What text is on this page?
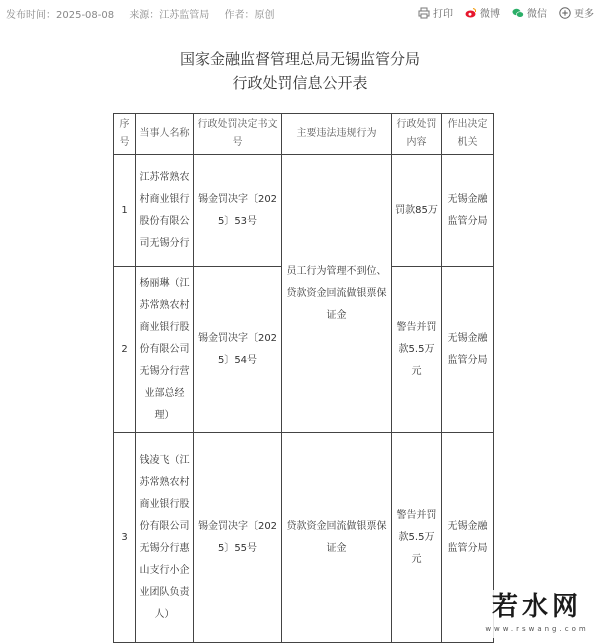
发布时间：2025-08-08 来源：江苏监管局 作者：原创	打印	微博	微信	更多
国家金融监督管理总局无锡监管分局
行政处罚信息公开表
序号	当事人名称	行政处罚决定书文号	主要违法违规行为	行政处罚内容	作出决定机关
1	江苏常熟农村商业银行股份有限公司无锡分行	锡金罚决字〔2025〕53号	员工行为管理不到位、贷款资金回流做银票保证金	罚款85万	无锡金融监管分局
2	杨丽琳（江苏常熟农村商业银行股份有限公司无锡分行营业部总经理）	锡金罚决字〔2025〕54号		警告并罚款5.5万元	无锡金融监管分局
3	钱凌飞（江苏常熟农村商业银行股份有限公司无锡分行惠山支行小企业团队负责人）	锡金罚决字〔2025〕55号	贷款资金回流做银票保证金	警告并罚款5.5万元	无锡金融监管分局
若水网
www.rswang.com
